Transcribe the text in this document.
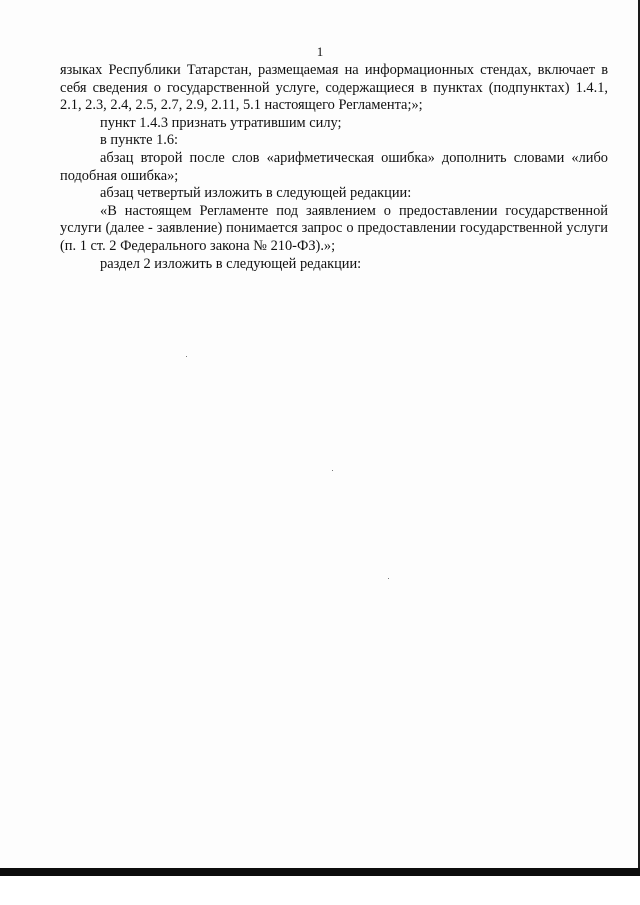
1

языках Республики Татарстан, размещаемая на информационных стендах, включает в себя сведения о государственной услуге, содержащиеся в пунктах (подпунктах) 1.4.1, 2.1, 2.3, 2.4, 2.5, 2.7, 2.9, 2.11, 5.1 настоящего Регламента;»;

пункт 1.4.3 признать утратившим силу;

в пункте 1.6:

абзац второй после слов «арифметическая ошибка» дополнить словами «либо подобная ошибка»;

абзац четвертый изложить в следующей редакции:

«В настоящем Регламенте под заявлением о предоставлении государственной услуги (далее - заявление) понимается запрос о предоставлении государственной услуги (п. 1 ст. 2 Федерального закона № 210-ФЗ).»;

раздел 2 изложить в следующей редакции:
